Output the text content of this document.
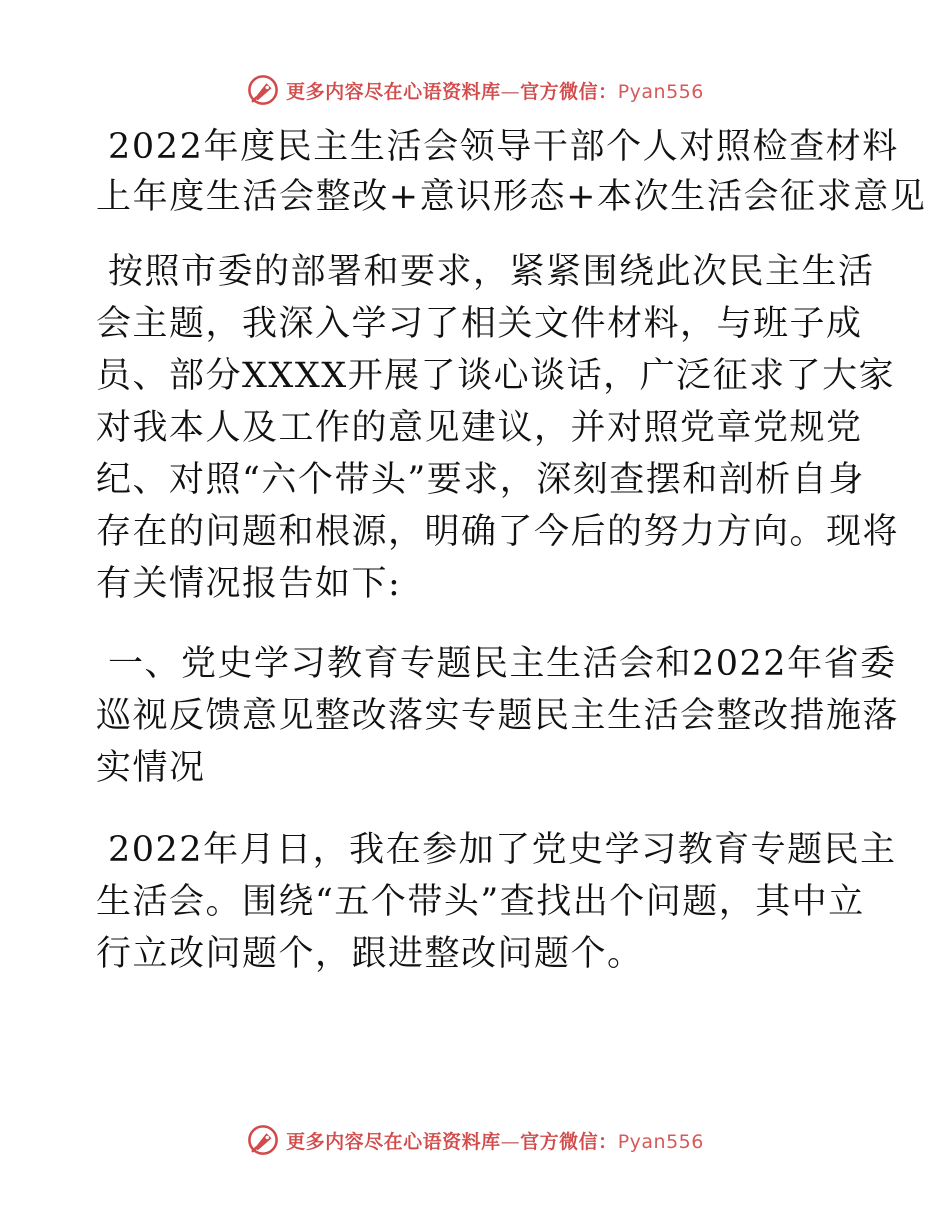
更多内容尽在心语资料库—官方微信：Pyan556
2022年度民主生活会领导干部个人对照检查材料
上年度生活会整改+意识形态+本次生活会征求意见

按照市委的部署和要求，紧紧围绕此次民主生活
会主题，我深入学习了相关文件材料，与班子成
员、部分XXXX开展了谈心谈话，广泛征求了大家
对我本人及工作的意见建议，并对照党章党规党
纪、对照“六个带头”要求，深刻查摆和剖析自身
存在的问题和根源，明确了今后的努力方向。现将
有关情况报告如下:

一、党史学习教育专题民主生活会和2022年省委
巡视反馈意见整改落实专题民主生活会整改措施落
实情况

2022年月日，我在参加了党史学习教育专题民主
生活会。围绕“五个带头”查找出个问题，其中立
行立改问题个，跟进整改问题个。

更多内容尽在心语资料库—官方微信：Pyan556
